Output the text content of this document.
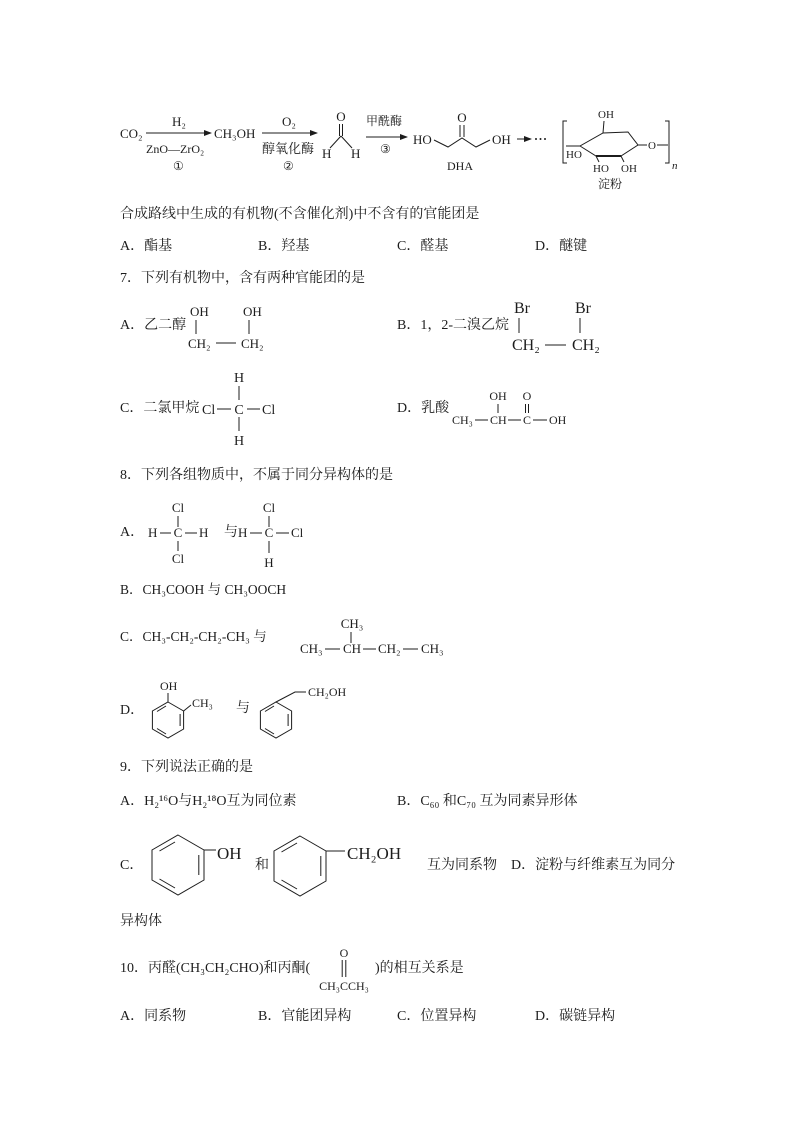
合成路线中生成的有机物(不含催化剂)中不含有的官能团是
A．酯基	B．羟基	C．醛基	D．醚键
7．下列有机物中，含有两种官能团的是
A．乙二醇	B．1，2-二溴乙烷
C．二氯甲烷	D．乳酸
8．下列各组物质中，不属于同分异构体的是
A．	与
B．CH₃COOH 与 CH₃OOCH
C．CH₃-CH₂-CH₂-CH₃ 与
D．	与
9．下列说法正确的是
A．H₂¹⁶O与H₂¹⁸O互为同位素	B．C₆₀ 和C₇₀ 互为同素异形体
C．	和	互为同系物 D．淀粉与纤维素互为同分
异构体
10．丙醛(CH₃CH₂CHO)和丙酮(	)的相互关系是
A．同系物	B．官能团异构	C．位置异构	D．碳链异构
CO₂
H₂
CH₃OH
ZnO—ZrO₂
①
O₂
醇氧化酶
②
O
H H
甲酰酶
③
HO
O
OH
DHA
OH
HO
HO OH
O
n
淀粉
OH	OH
CH₂ CH₂
Br	Br
CH₂ CH₂
H
Cl C Cl
H
OH O
CH₃ CH C OH
Cl
H C H
Cl
Cl
H C Cl
H
CH₃
CH₃ CH CH₂ CH₃
OH
CH₃
CH₂OH
OH	CH₂OH
O
CH₃CCH₃
